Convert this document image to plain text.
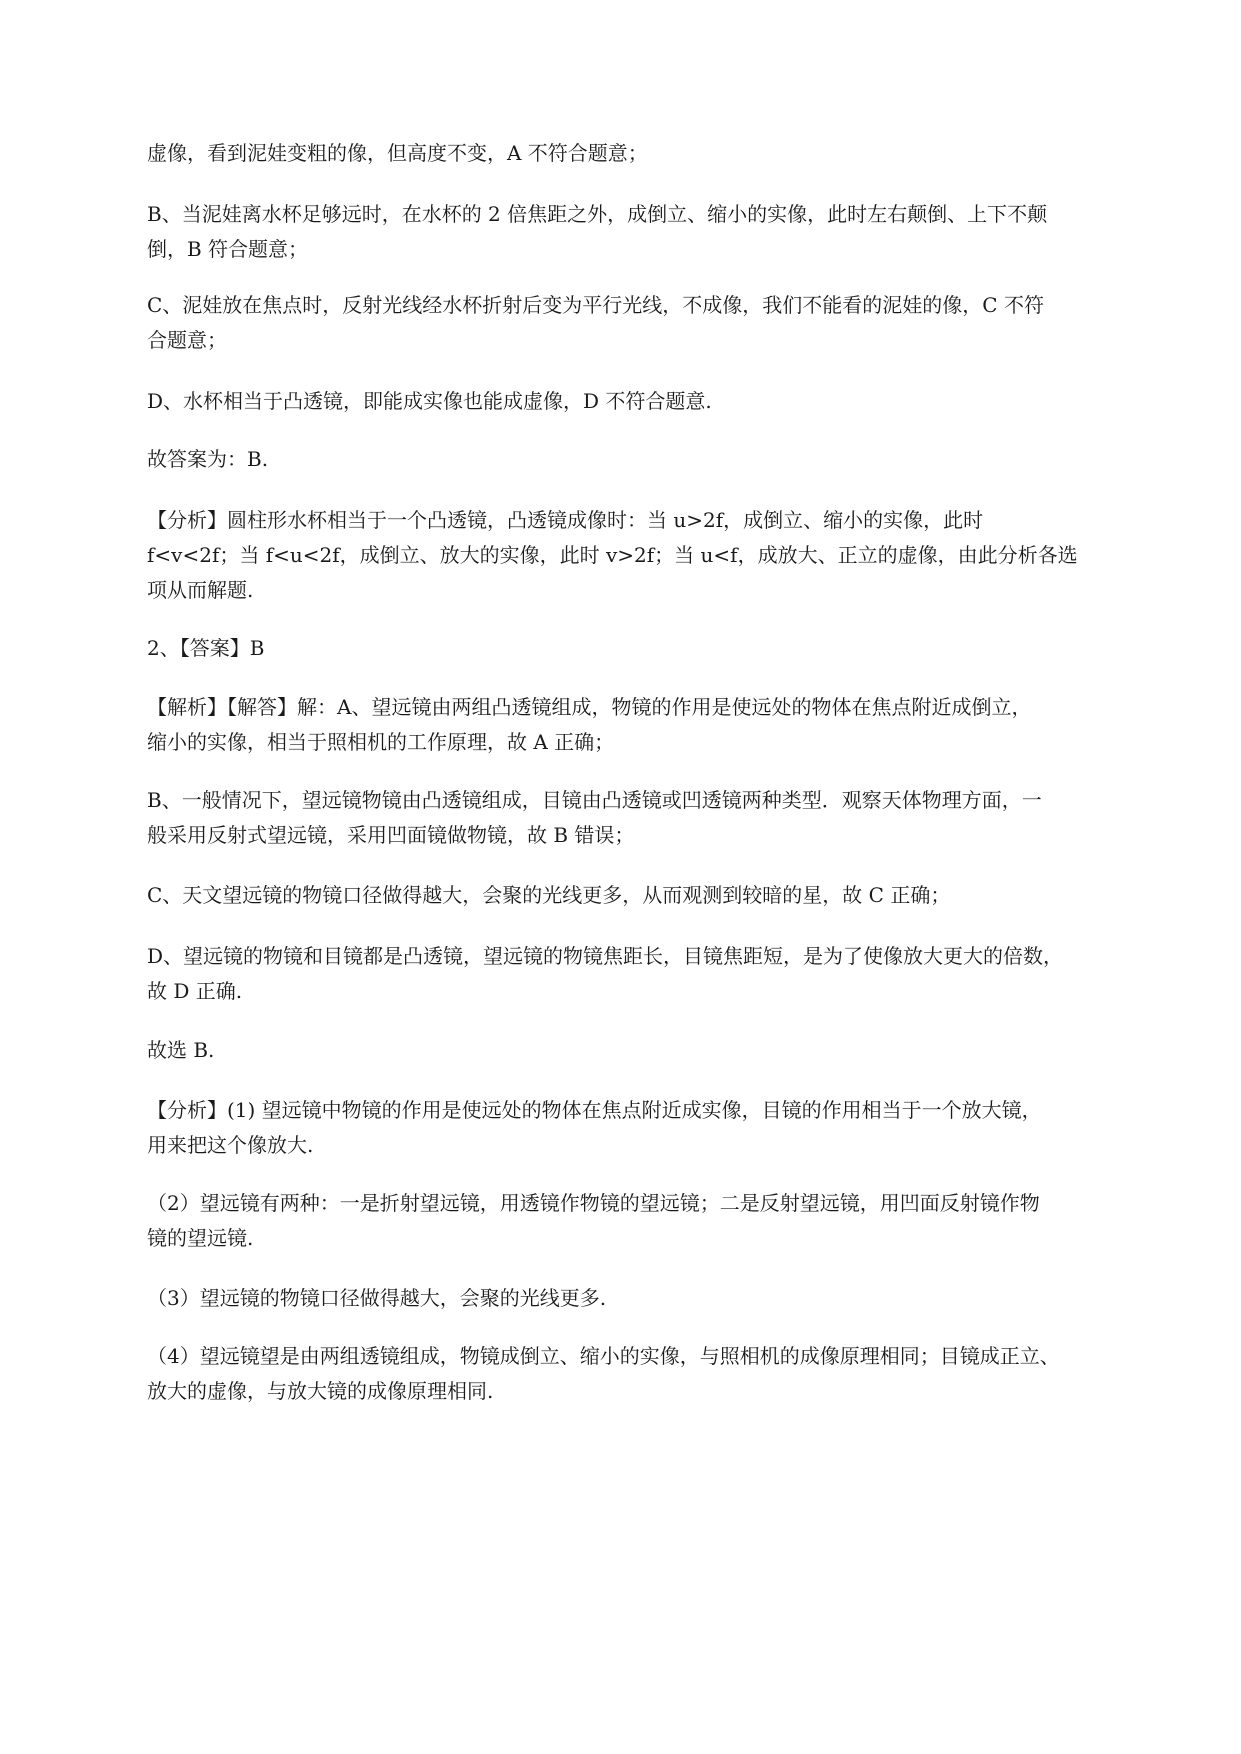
虚像，看到泥娃变粗的像，但高度不变，A 不符合题意；

B、当泥娃离水杯足够远时，在水杯的 2 倍焦距之外，成倒立、缩小的实像，此时左右颠倒、上下不颠

倒，B 符合题意；

C、泥娃放在焦点时，反射光线经水杯折射后变为平行光线，不成像，我们不能看的泥娃的像，C 不符

合题意；

D、水杯相当于凸透镜，即能成实像也能成虚像，D 不符合题意.

故答案为：B.

【分析】圆柱形水杯相当于一个凸透镜，凸透镜成像时：当 u>2f，成倒立、缩小的实像，此时

f<v<2f；当 f<u<2f，成倒立、放大的实像，此时 v>2f；当 u<f，成放大、正立的虚像，由此分析各选

项从而解题.

2、【答案】B

【解析】【解答】解：A、望远镜由两组凸透镜组成，物镜的作用是使远处的物体在焦点附近成倒立，

缩小的实像，相当于照相机的工作原理，故 A 正确；

B、一般情况下，望远镜物镜由凸透镜组成，目镜由凸透镜或凹透镜两种类型．观察天体物理方面，一

般采用反射式望远镜，采用凹面镜做物镜，故 B 错误；

C、天文望远镜的物镜口径做得越大，会聚的光线更多，从而观测到较暗的星，故 C 正确；

D、望远镜的物镜和目镜都是凸透镜，望远镜的物镜焦距长，目镜焦距短，是为了使像放大更大的倍数，

故 D 正确.

故选 B.

【分析】(1) 望远镜中物镜的作用是使远处的物体在焦点附近成实像，目镜的作用相当于一个放大镜，

用来把这个像放大.

（2）望远镜有两种：一是折射望远镜，用透镜作物镜的望远镜；二是反射望远镜，用凹面反射镜作物

镜的望远镜.

（3）望远镜的物镜口径做得越大，会聚的光线更多.

（4）望远镜望是由两组透镜组成，物镜成倒立、缩小的实像，与照相机的成像原理相同；目镜成正立、

放大的虚像，与放大镜的成像原理相同.
